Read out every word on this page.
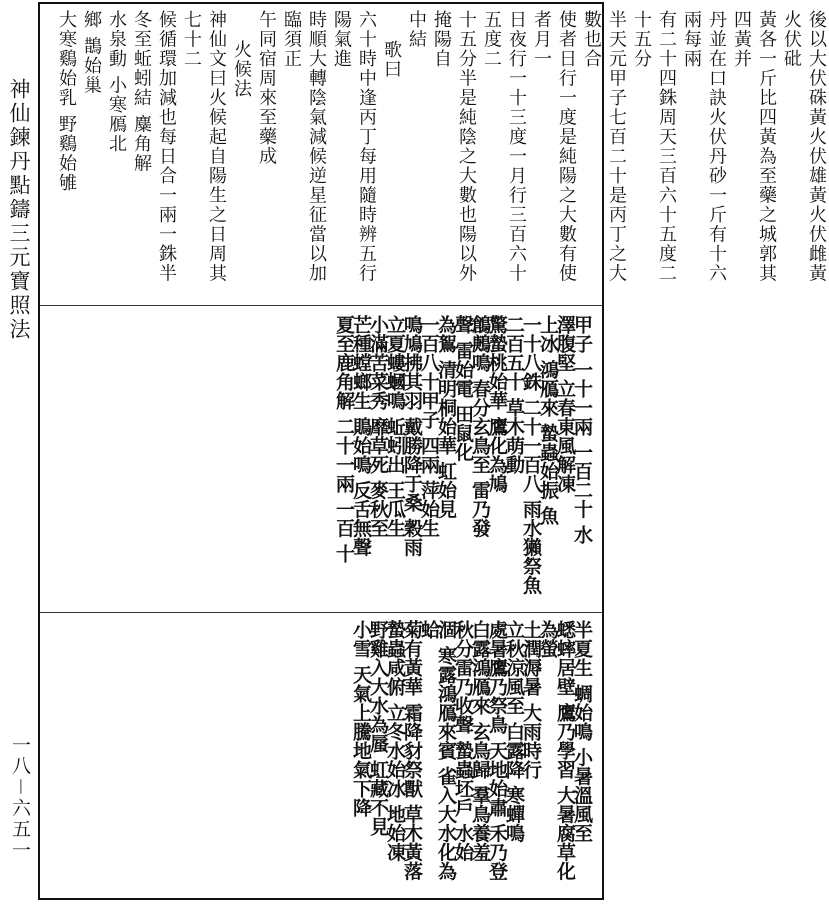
神仙鍊丹點鑄三元寶照法
一八－六五一
後以大伏硃黃火伏雄黃火伏雌黃火伏砒
黃各一斤比四黃為至藥之城郭其四黃并
丹並在口訣火伏丹砂一斤有十六兩每兩
有二十四銖周天三百六十五度二十五分
半天元甲子七百二十是丙丁之大數也合
使者日行一度是純陽之大數有使者月一
日夜行一十三度一月行三百六十五度二
十五分半是純陰之大數也陽以外掩陽自
中結
歌曰
六十時中逢丙丁每用隨時辨五行陽氣進
時順大轉陰氣減候逆星征當以加臨須正
午同宿周來至藥成
火候法
神仙文曰火候起自陽生之日周其七十二
候循環加減也每日合一兩一銖半
冬至蚯蚓結 麋角解
水泉動 小寒鴈北
鄉 鵲始巢
大寒鷄始乳 野鷄始雊
甲子 一十一兩 一百二十 水
澤腹堅 立春東風解凍
上冰 鴻鴈來 蟄蟲始振 魚
一十八銖 二十一百八 雨水獺祭魚
二百五十 草木萌動
驚蟄桃始華 鷹化為鳩
鶬鶊鳴 春分玄鳥至 雷乃發
聲 雷始電 田鼠化
為鴽 清明桐始華 虹始見
一百八十甲子 四兩 萍始生
鳴鳩拂其羽 戴勝降于桑 穀雨
立夏螻蟈鳴 蚯蚓出 王瓜生
小滿苦菜秀 靡草死 麥秋至
芒種螳螂生 鵙始鳴 反舌無聲
夏至鹿角解 二十一兩 一百 十
半夏生 蜩始鳴 小暑溫風至
蟋蟀居壁 鷹乃學習 大暑腐草化為螢
土潤溽暑 大雨時行
立秋涼風至 白露降 寒蟬鳴
處暑鷹乃祭鳥 天地始肅 禾乃登
白露鴻鴈來 玄鳥歸 羣鳥養羞
秋分雷乃收聲 蟄蟲坯戶 水始
涸 寒露鴻鴈來賓 雀入大水化為蛤
菊有黃華 霜降豺祭獸 草木黃落
蟄蟲咸俯 立冬水始冰 地始凍
野雞入大水為蜃 虹藏不見
小雪 天氣上騰地氣下降
